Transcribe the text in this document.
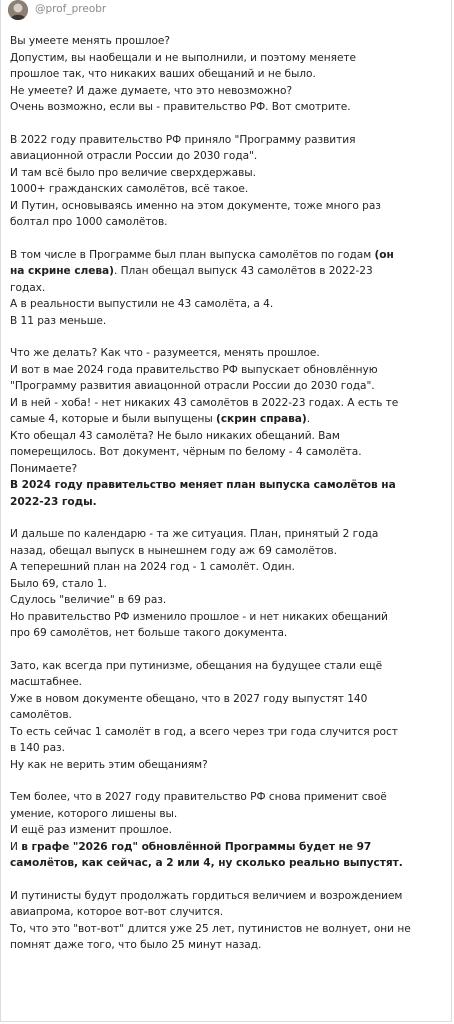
@prof_preobr

Вы умеете менять прошлое?
Допустим, вы наобещали и не выполнили, и поэтому меняете
прошлое так, что никаких ваших обещаний и не было.
Не умеете? И даже думаете, что это невозможно?
Очень возможно, если вы - правительство РФ. Вот смотрите.

В 2022 году правительство РФ приняло "Программу развития
авиационной отрасли России до 2030 года".
И там всё было про величие сверхдержавы.
1000+ гражданских самолётов, всё такое.
И Путин, основываясь именно на этом документе, тоже много раз
болтал про 1000 самолётов.

В том числе в Программе был план выпуска самолётов по годам (он
на скрине слева). План обещал выпуск 43 самолётов в 2022-23
годах.
А в реальности выпустили не 43 самолёта, а 4.
В 11 раз меньше.

Что же делать? Как что - разумеется, менять прошлое.
И вот в мае 2024 года правительство РФ выпускает обновлённую
"Программу развития авиацонной отрасли России до 2030 года".
И в ней - хоба! - нет никаких 43 самолётов в 2022-23 годах. А есть те
самые 4, которые и были выпущены (скрин справа).
Кто обещал 43 самолёта? Не было никаких обещаний. Вам
померещилось. Вот документ, чёрным по белому - 4 самолёта.
Понимаете?
В 2024 году правительство меняет план выпуска самолётов на
2022-23 годы.

И дальше по календарю - та же ситуация. План, принятый 2 года
назад, обещал выпуск в нынешнем году аж 69 самолётов.
А теперешний план на 2024 год - 1 самолёт. Один.
Было 69, стало 1.
Сдулось "величие" в 69 раз.
Но правительство РФ изменило прошлое - и нет никаких обещаний
про 69 самолётов, нет больше такого документа.

Зато, как всегда при путинизме, обещания на будущее стали ещё
масштабнее.
Уже в новом документе обещано, что в 2027 году выпустят 140
самолётов.
То есть сейчас 1 самолёт в год, а всего через три года случится рост
в 140 раз.
Ну как не верить этим обещаниям?

Тем более, что в 2027 году правительство РФ снова применит своё
умение, которого лишены вы.
И ещё раз изменит прошлое.
И в графе "2026 год" обновлённой Программы будет не 97
самолётов, как сейчас, а 2 или 4, ну сколько реально выпустят.

И путинисты будут продолжать гордиться величием и возрождением
авиапрома, которое вот-вот случится.
То, что это "вот-вот" длится уже 25 лет, путинистов не волнует, они не
помнят даже того, что было 25 минут назад.
